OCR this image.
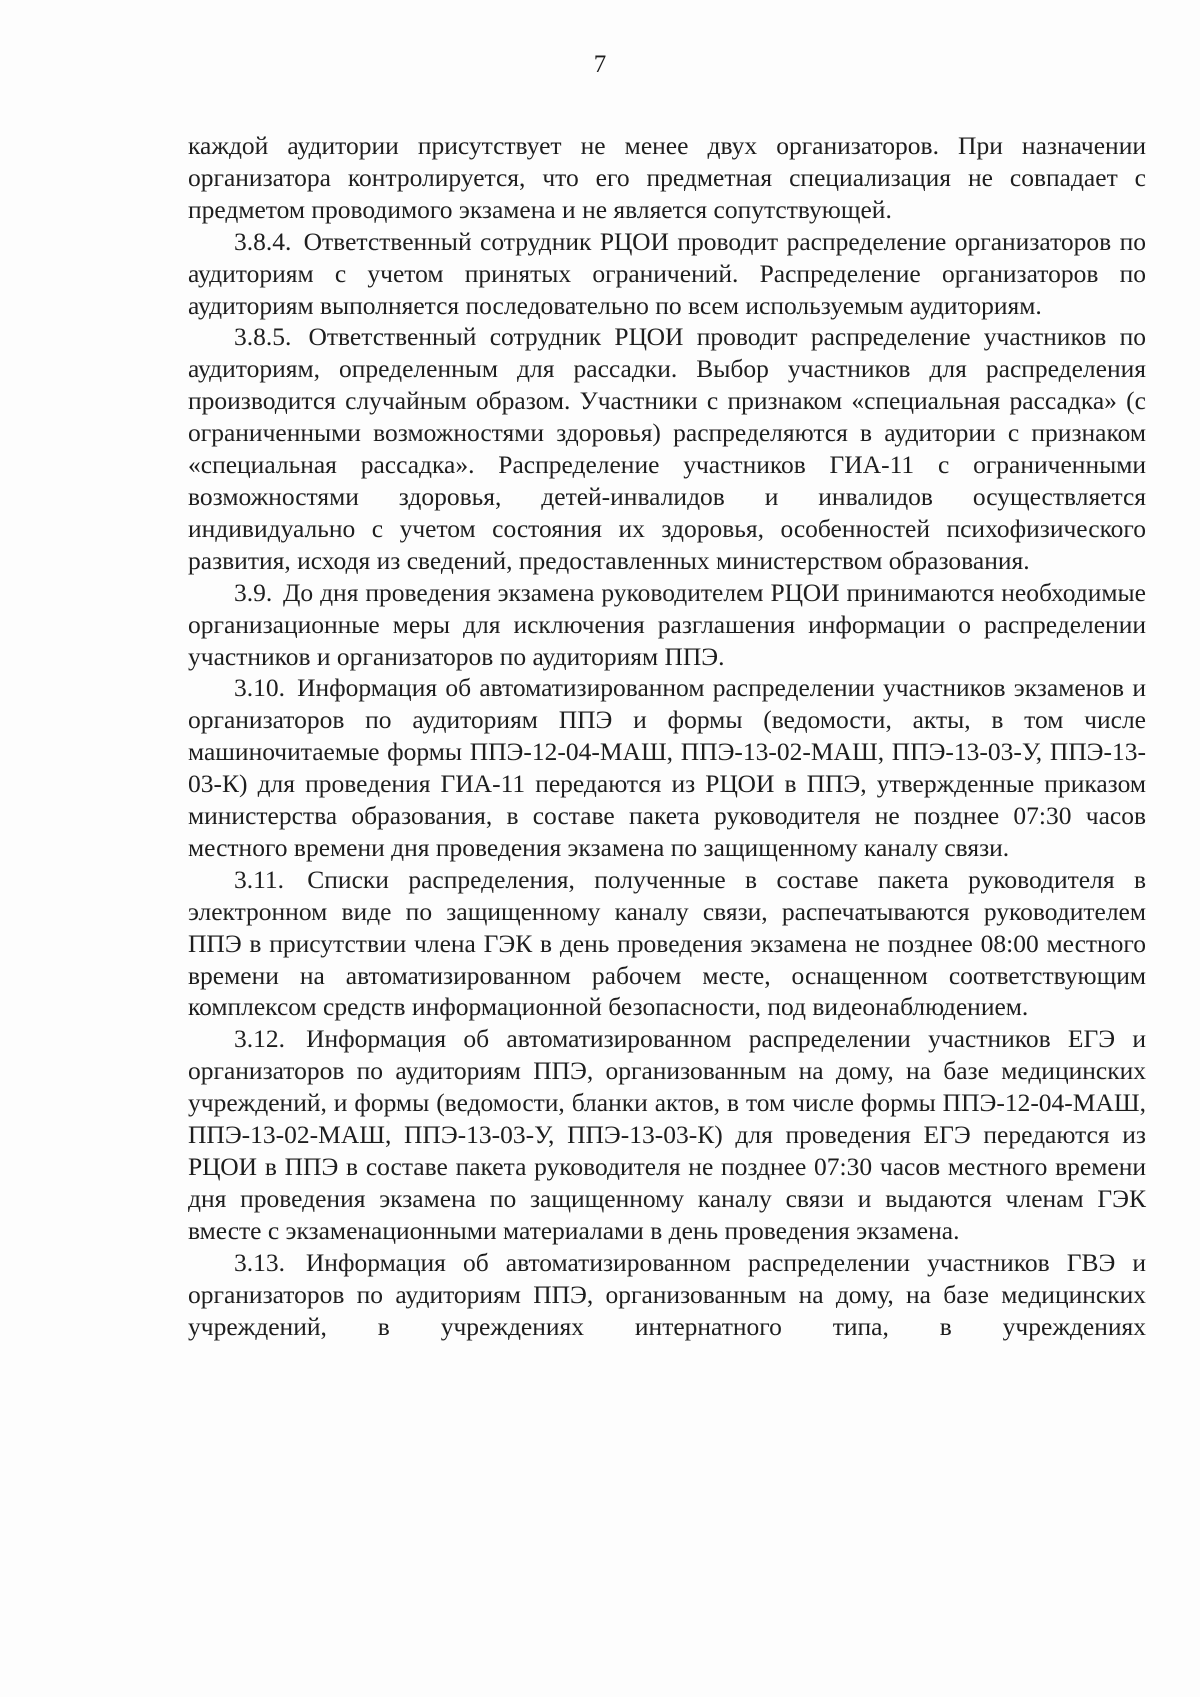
7

каждой аудитории присутствует не менее двух организаторов. При назначении организатора контролируется, что его предметная специализация не совпадает с предметом проводимого экзамена и не является сопутствующей.

3.8.4. Ответственный сотрудник РЦОИ проводит распределение организаторов по аудиториям с учетом принятых ограничений. Распределение организаторов по аудиториям выполняется последовательно по всем используемым аудиториям.

3.8.5. Ответственный сотрудник РЦОИ проводит распределение участников по аудиториям, определенным для рассадки. Выбор участников для распределения производится случайным образом. Участники с признаком «специальная рассадка» (с ограниченными возможностями здоровья) распределяются в аудитории с признаком «специальная рассадка». Распределение участников ГИА-11 с ограниченными возможностями здоровья, детей-инвалидов и инвалидов осуществляется индивидуально с учетом состояния их здоровья, особенностей психофизического развития, исходя из сведений, предоставленных министерством образования.

3.9. До дня проведения экзамена руководителем РЦОИ принимаются необходимые организационные меры для исключения разглашения информации о распределении участников и организаторов по аудиториям ППЭ.

3.10. Информация об автоматизированном распределении участников экзаменов и организаторов по аудиториям ППЭ и формы (ведомости, акты, в том числе машиночитаемые формы ППЭ-12-04-МАШ, ППЭ-13-02-МАШ, ППЭ-13-03-У, ППЭ-13-03-К) для проведения ГИА-11 передаются из РЦОИ в ППЭ, утвержденные приказом министерства образования, в составе пакета руководителя не позднее 07:30 часов местного времени дня проведения экзамена по защищенному каналу связи.

3.11. Списки распределения, полученные в составе пакета руководителя в электронном виде по защищенному каналу связи, распечатываются руководителем ППЭ в присутствии члена ГЭК в день проведения экзамена не позднее 08:00 местного времени на автоматизированном рабочем месте, оснащенном соответствующим комплексом средств информационной безопасности, под видеонаблюдением.

3.12. Информация об автоматизированном распределении участников ЕГЭ и организаторов по аудиториям ППЭ, организованным на дому, на базе медицинских учреждений, и формы (ведомости, бланки актов, в том числе формы ППЭ-12-04-МАШ, ППЭ-13-02-МАШ, ППЭ-13-03-У, ППЭ-13-03-К) для проведения ЕГЭ передаются из РЦОИ в ППЭ в составе пакета руководителя не позднее 07:30 часов местного времени дня проведения экзамена по защищенному каналу связи и выдаются членам ГЭК вместе с экзаменационными материалами в день проведения экзамена.

3.13. Информация об автоматизированном распределении участников ГВЭ и организаторов по аудиториям ППЭ, организованным на дому, на базе медицинских учреждений, в учреждениях интернатного типа, в учреждениях
